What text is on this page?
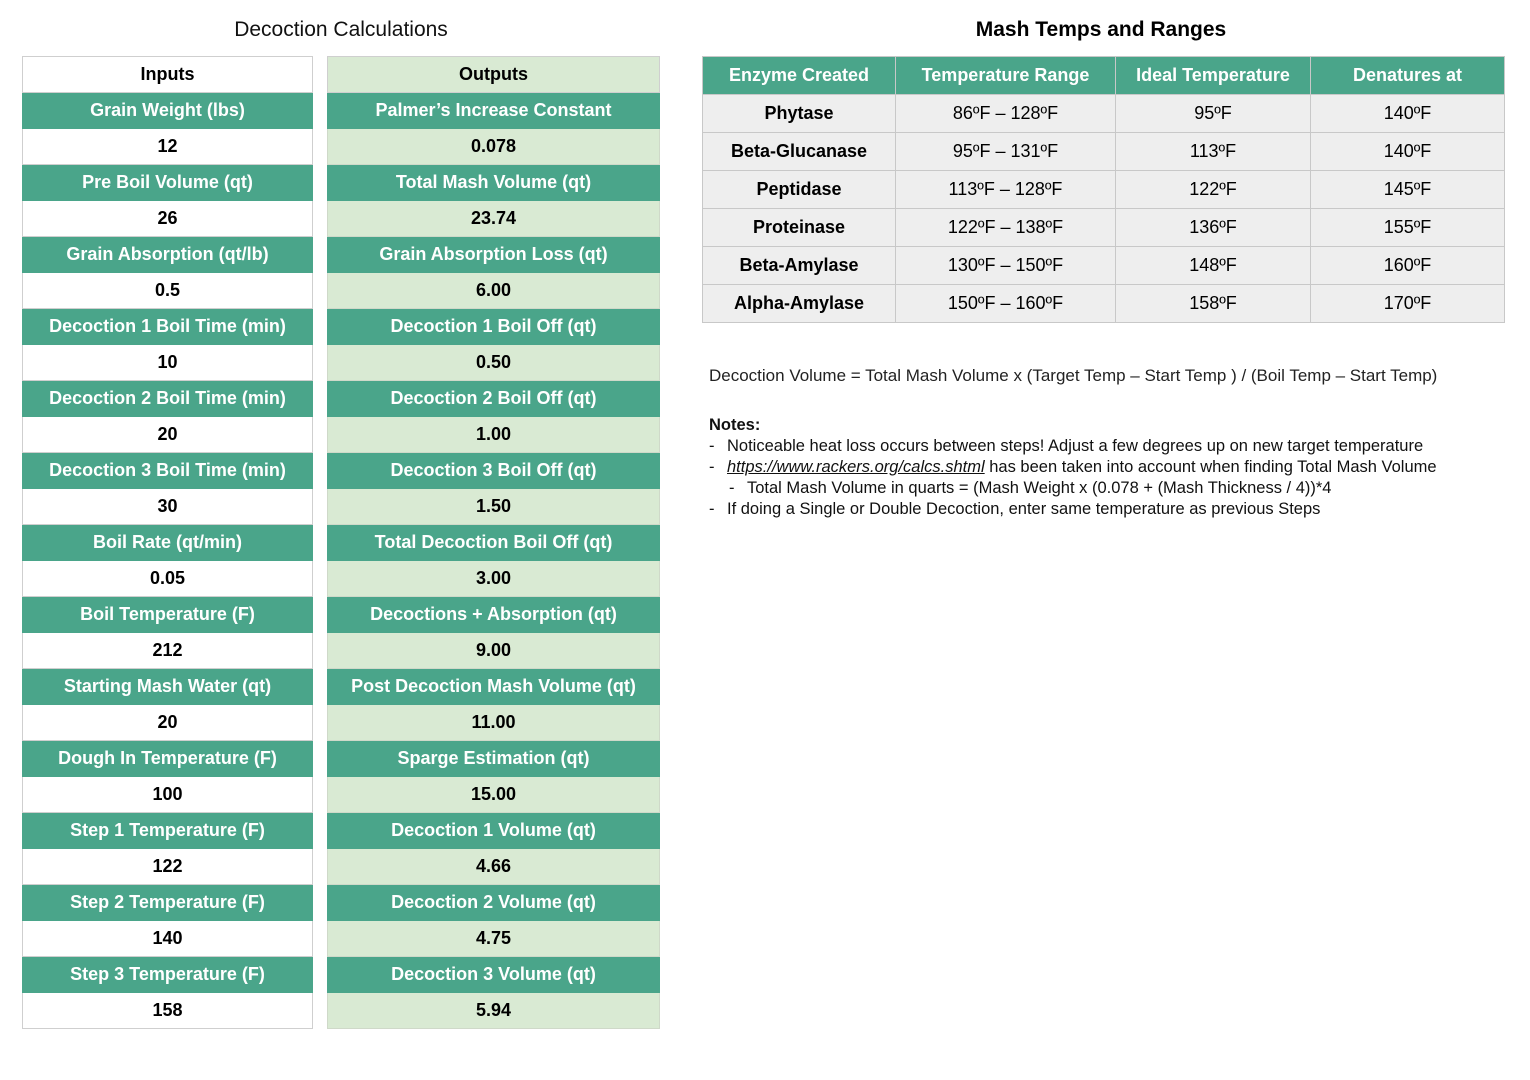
Decoction Calculations	Mash Temps and Ranges
Inputs
Grain Weight (lbs)
12
Pre Boil Volume (qt)
26
Grain Absorption (qt/lb)
0.5
Decoction 1 Boil Time (min)
10
Decoction 2 Boil Time (min)
20
Decoction 3 Boil Time (min)
30
Boil Rate (qt/min)
0.05
Boil Temperature (F)
212
Starting Mash Water (qt)
20
Dough In Temperature (F)
100
Step 1 Temperature (F)
122
Step 2 Temperature (F)
140
Step 3 Temperature (F)
158
Outputs
Palmer’s Increase Constant
0.078
Total Mash Volume (qt)
23.74
Grain Absorption Loss (qt)
6.00
Decoction 1 Boil Off (qt)
0.50
Decoction 2 Boil Off (qt)
1.00
Decoction 3 Boil Off (qt)
1.50
Total Decoction Boil Off (qt)
3.00
Decoctions + Absorption (qt)
9.00
Post Decoction Mash Volume (qt)
11.00
Sparge Estimation (qt)
15.00
Decoction 1 Volume (qt)
4.66
Decoction 2 Volume (qt)
4.75
Decoction 3 Volume (qt)
5.94
Enzyme Created	Temperature Range	Ideal Temperature	Denatures at
Phytase	86ºF – 128ºF	95ºF	140ºF
Beta-Glucanase	95ºF – 131ºF	113ºF	140ºF
Peptidase	113ºF – 128ºF	122ºF	145ºF
Proteinase	122ºF – 138ºF	136ºF	155ºF
Beta-Amylase	130ºF – 150ºF	148ºF	160ºF
Alpha-Amylase	150ºF – 160ºF	158ºF	170ºF
Decoction Volume = Total Mash Volume x (Target Temp – Start Temp ) / (Boil Temp – Start Temp)
Notes:
- Noticeable heat loss occurs between steps! Adjust a few degrees up on new target temperature
- https://www.rackers.org/calcs.shtml has been taken into account when finding Total Mash Volume
- Total Mash Volume in quarts = (Mash Weight x (0.078 + (Mash Thickness / 4))*4
- If doing a Single or Double Decoction, enter same temperature as previous Steps
